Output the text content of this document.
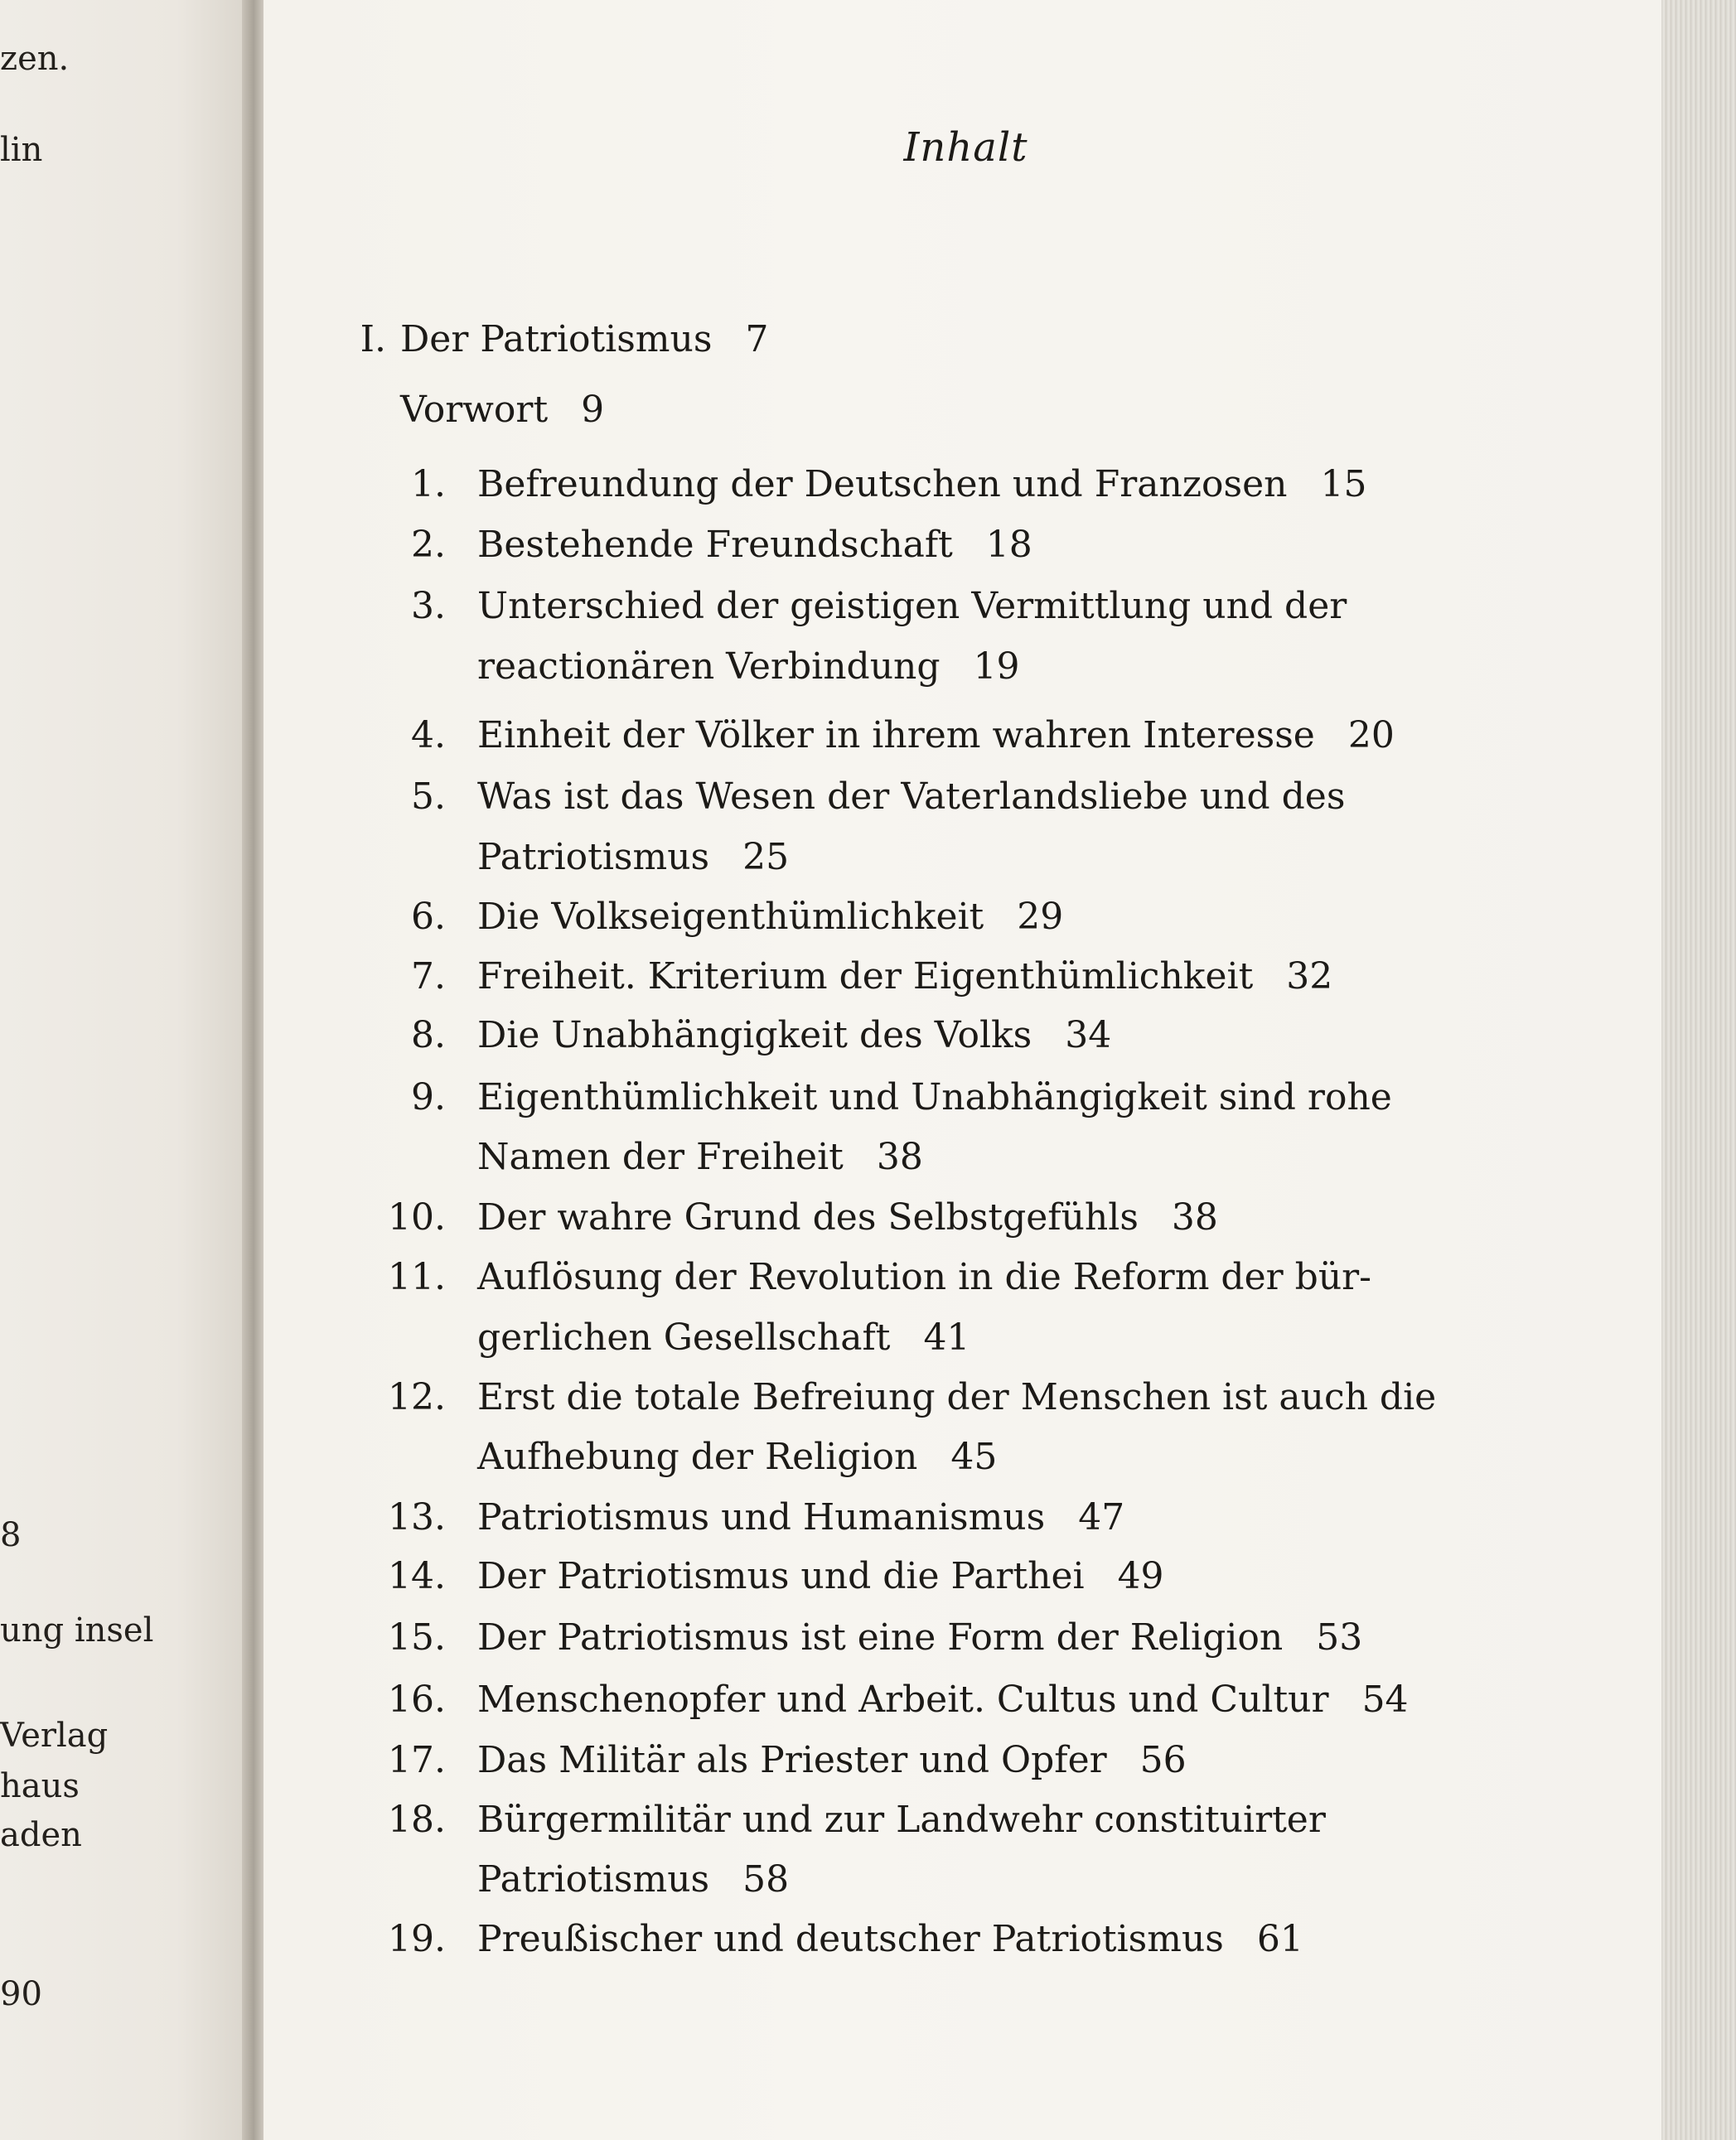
zen.
lin
8
ung insel
Verlag
haus
aden
90
Inhalt
I. Der Patriotismus 7
Vorwort 9
1. Befreundung der Deutschen und Franzosen 15
2. Bestehende Freundschaft 18
3. Unterschied der geistigen Vermittlung und der
reactionären Verbindung 19
4. Einheit der Völker in ihrem wahren Interesse 20
5. Was ist das Wesen der Vaterlandsliebe und des
Patriotismus 25
6. Die Volkseigenthümlichkeit 29
7. Freiheit. Kriterium der Eigenthümlichkeit 32
8. Die Unabhängigkeit des Volks 34
9. Eigenthümlichkeit und Unabhängigkeit sind rohe
Namen der Freiheit 38
10. Der wahre Grund des Selbstgefühls 38
11. Auflösung der Revolution in die Reform der bür-
gerlichen Gesellschaft 41
12. Erst die totale Befreiung der Menschen ist auch die
Aufhebung der Religion 45
13. Patriotismus und Humanismus 47
14. Der Patriotismus und die Parthei 49
15. Der Patriotismus ist eine Form der Religion 53
16. Menschenopfer und Arbeit. Cultus und Cultur 54
17. Das Militär als Priester und Opfer 56
18. Bürgermilitär und zur Landwehr constituirter
Patriotismus 58
19. Preußischer und deutscher Patriotismus 61
